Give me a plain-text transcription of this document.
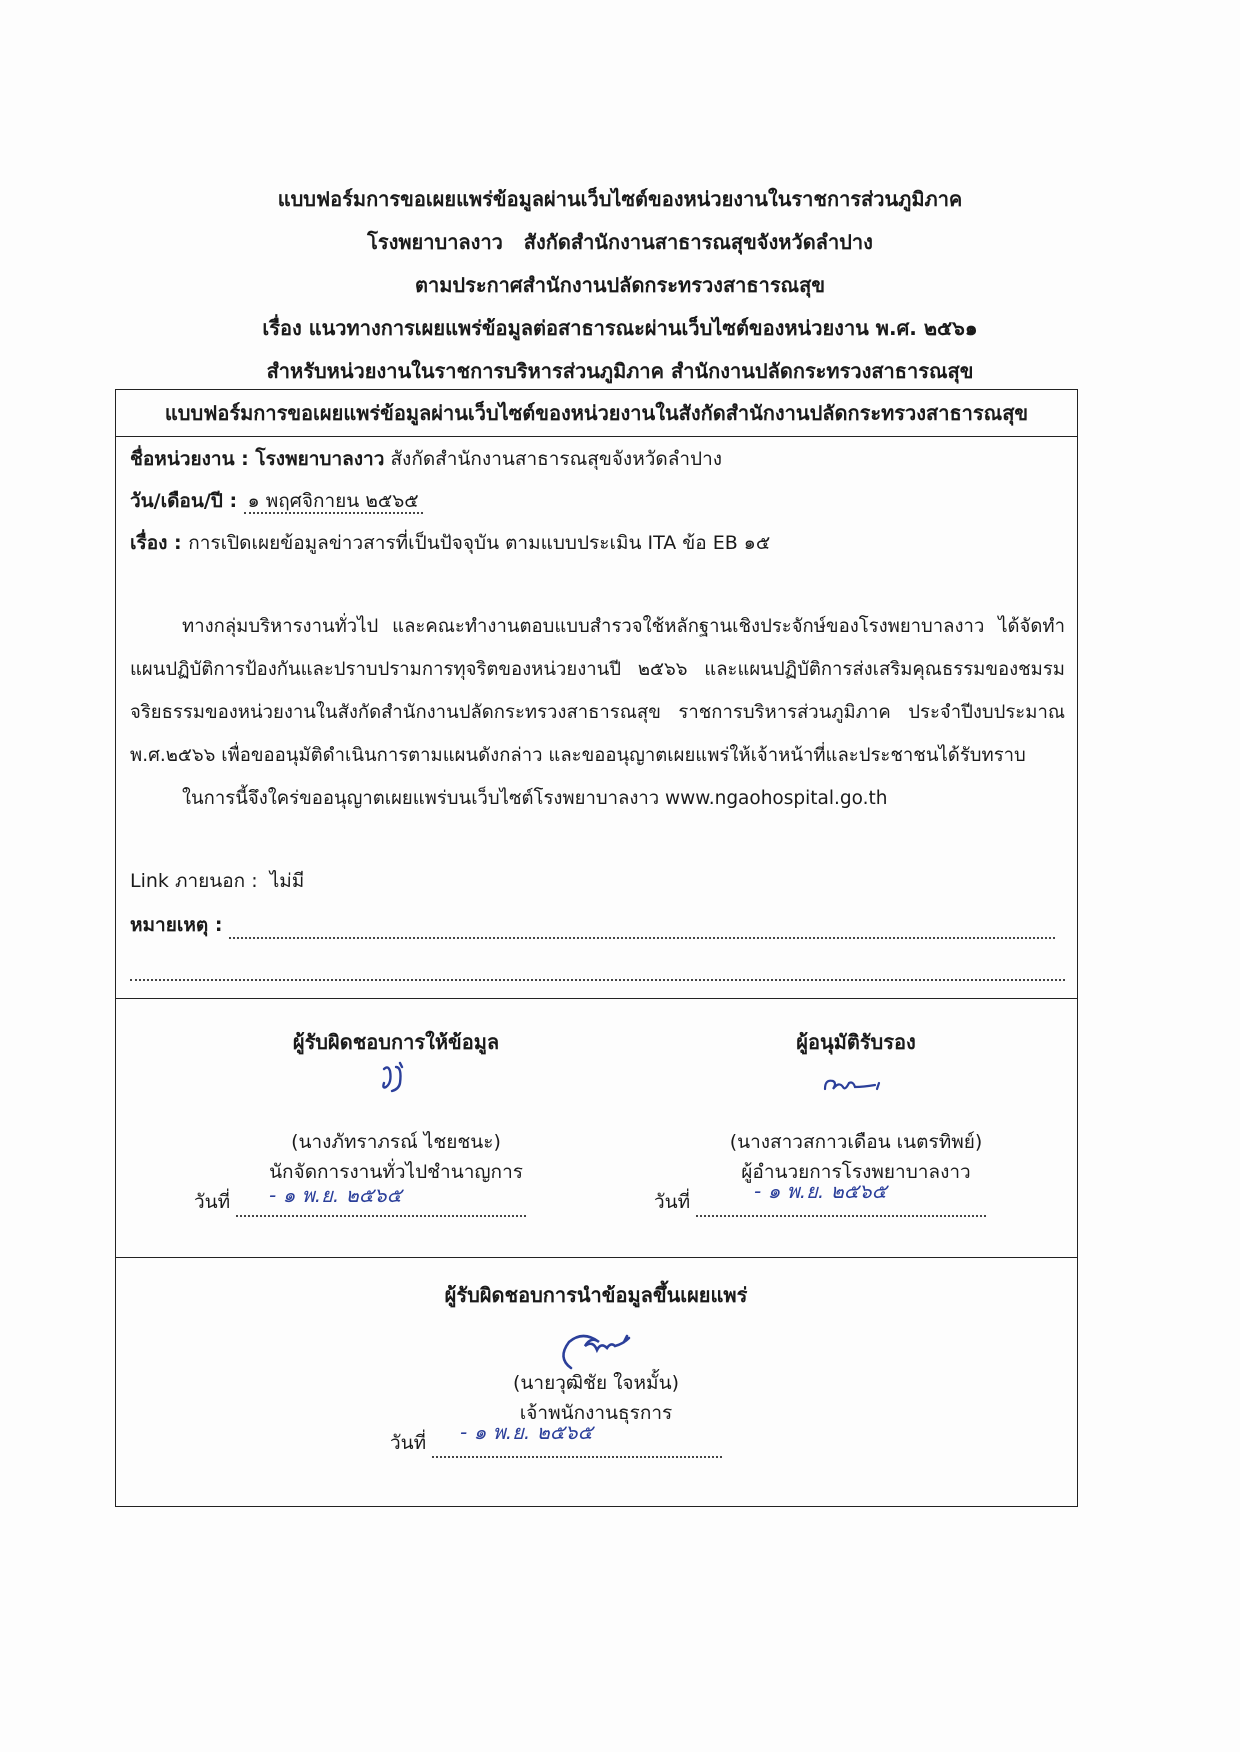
แบบฟอร์มการขอเผยแพร่ข้อมูลผ่านเว็บไซต์ของหน่วยงานในราชการส่วนภูมิภาค
โรงพยาบาลงาว   สังกัดสำนักงานสาธารณสุขจังหวัดลำปาง
ตามประกาศสำนักงานปลัดกระทรวงสาธารณสุข
เรื่อง แนวทางการเผยแพร่ข้อมูลต่อสาธารณะผ่านเว็บไซต์ของหน่วยงาน พ.ศ. ๒๕๖๑
สำหรับหน่วยงานในราชการบริหารส่วนภูมิภาค สำนักงานปลัดกระทรวงสาธารณสุข
แบบฟอร์มการขอเผยแพร่ข้อมูลผ่านเว็บไซต์ของหน่วยงานในสังกัดสำนักงานปลัดกระทรวงสาธารณสุข
ชื่อหน่วยงาน : โรงพยาบาลงาว สังกัดสำนักงานสาธารณสุขจังหวัดลำปาง
วัน/เดือน/ปี : ๑ พฤศจิกายน ๒๕๖๕
เรื่อง : การเปิดเผยข้อมูลข่าวสารที่เป็นปัจจุบัน ตามแบบประเมิน ITA ข้อ EB ๑๕

ทางกลุ่มบริหารงานทั่วไป และคณะทำงานตอบแบบสำรวจใช้หลักฐานเชิงประจักษ์ของโรงพยาบาลงาว ได้จัดทำแผนปฏิบัติการป้องกันและปราบปรามการทุจริตของหน่วยงานปี ๒๕๖๖ และแผนปฏิบัติการส่งเสริมคุณธรรมของชมรมจริยธรรมของหน่วยงานในสังกัดสำนักงานปลัดกระทรวงสาธารณสุข ราชการบริหารส่วนภูมิภาค ประจำปีงบประมาณ พ.ศ.๒๕๖๖ เพื่อขออนุมัติดำเนินการตามแผนดังกล่าว และขออนุญาตเผยแพร่ให้เจ้าหน้าที่และประชาชนได้รับทราบ

ในการนี้จึงใคร่ขออนุญาตเผยแพร่บนเว็บไซต์โรงพยาบาลงาว www.ngaohospital.go.th

Link ภายนอก :  ไม่มี
หมายเหตุ :
ผู้รับผิดชอบการให้ข้อมูล
(นางภัทราภรณ์ ไชยชนะ)
นักจัดการงานทั่วไปชำนาญการ
วันที่ - ๑ พ.ย. ๒๕๖๕
ผู้อนุมัติรับรอง
(นางสาวสกาวเดือน เนตรทิพย์)
ผู้อำนวยการโรงพยาบาลงาว
วันที่	- ๑ พ.ย. ๒๕๖๕
ผู้รับผิดชอบการนำข้อมูลขึ้นเผยแพร่
(นายวุฒิชัย ใจหมั้น)
เจ้าพนักงานธุรการ
วันที่ - ๑ พ.ย. ๒๕๖๕
